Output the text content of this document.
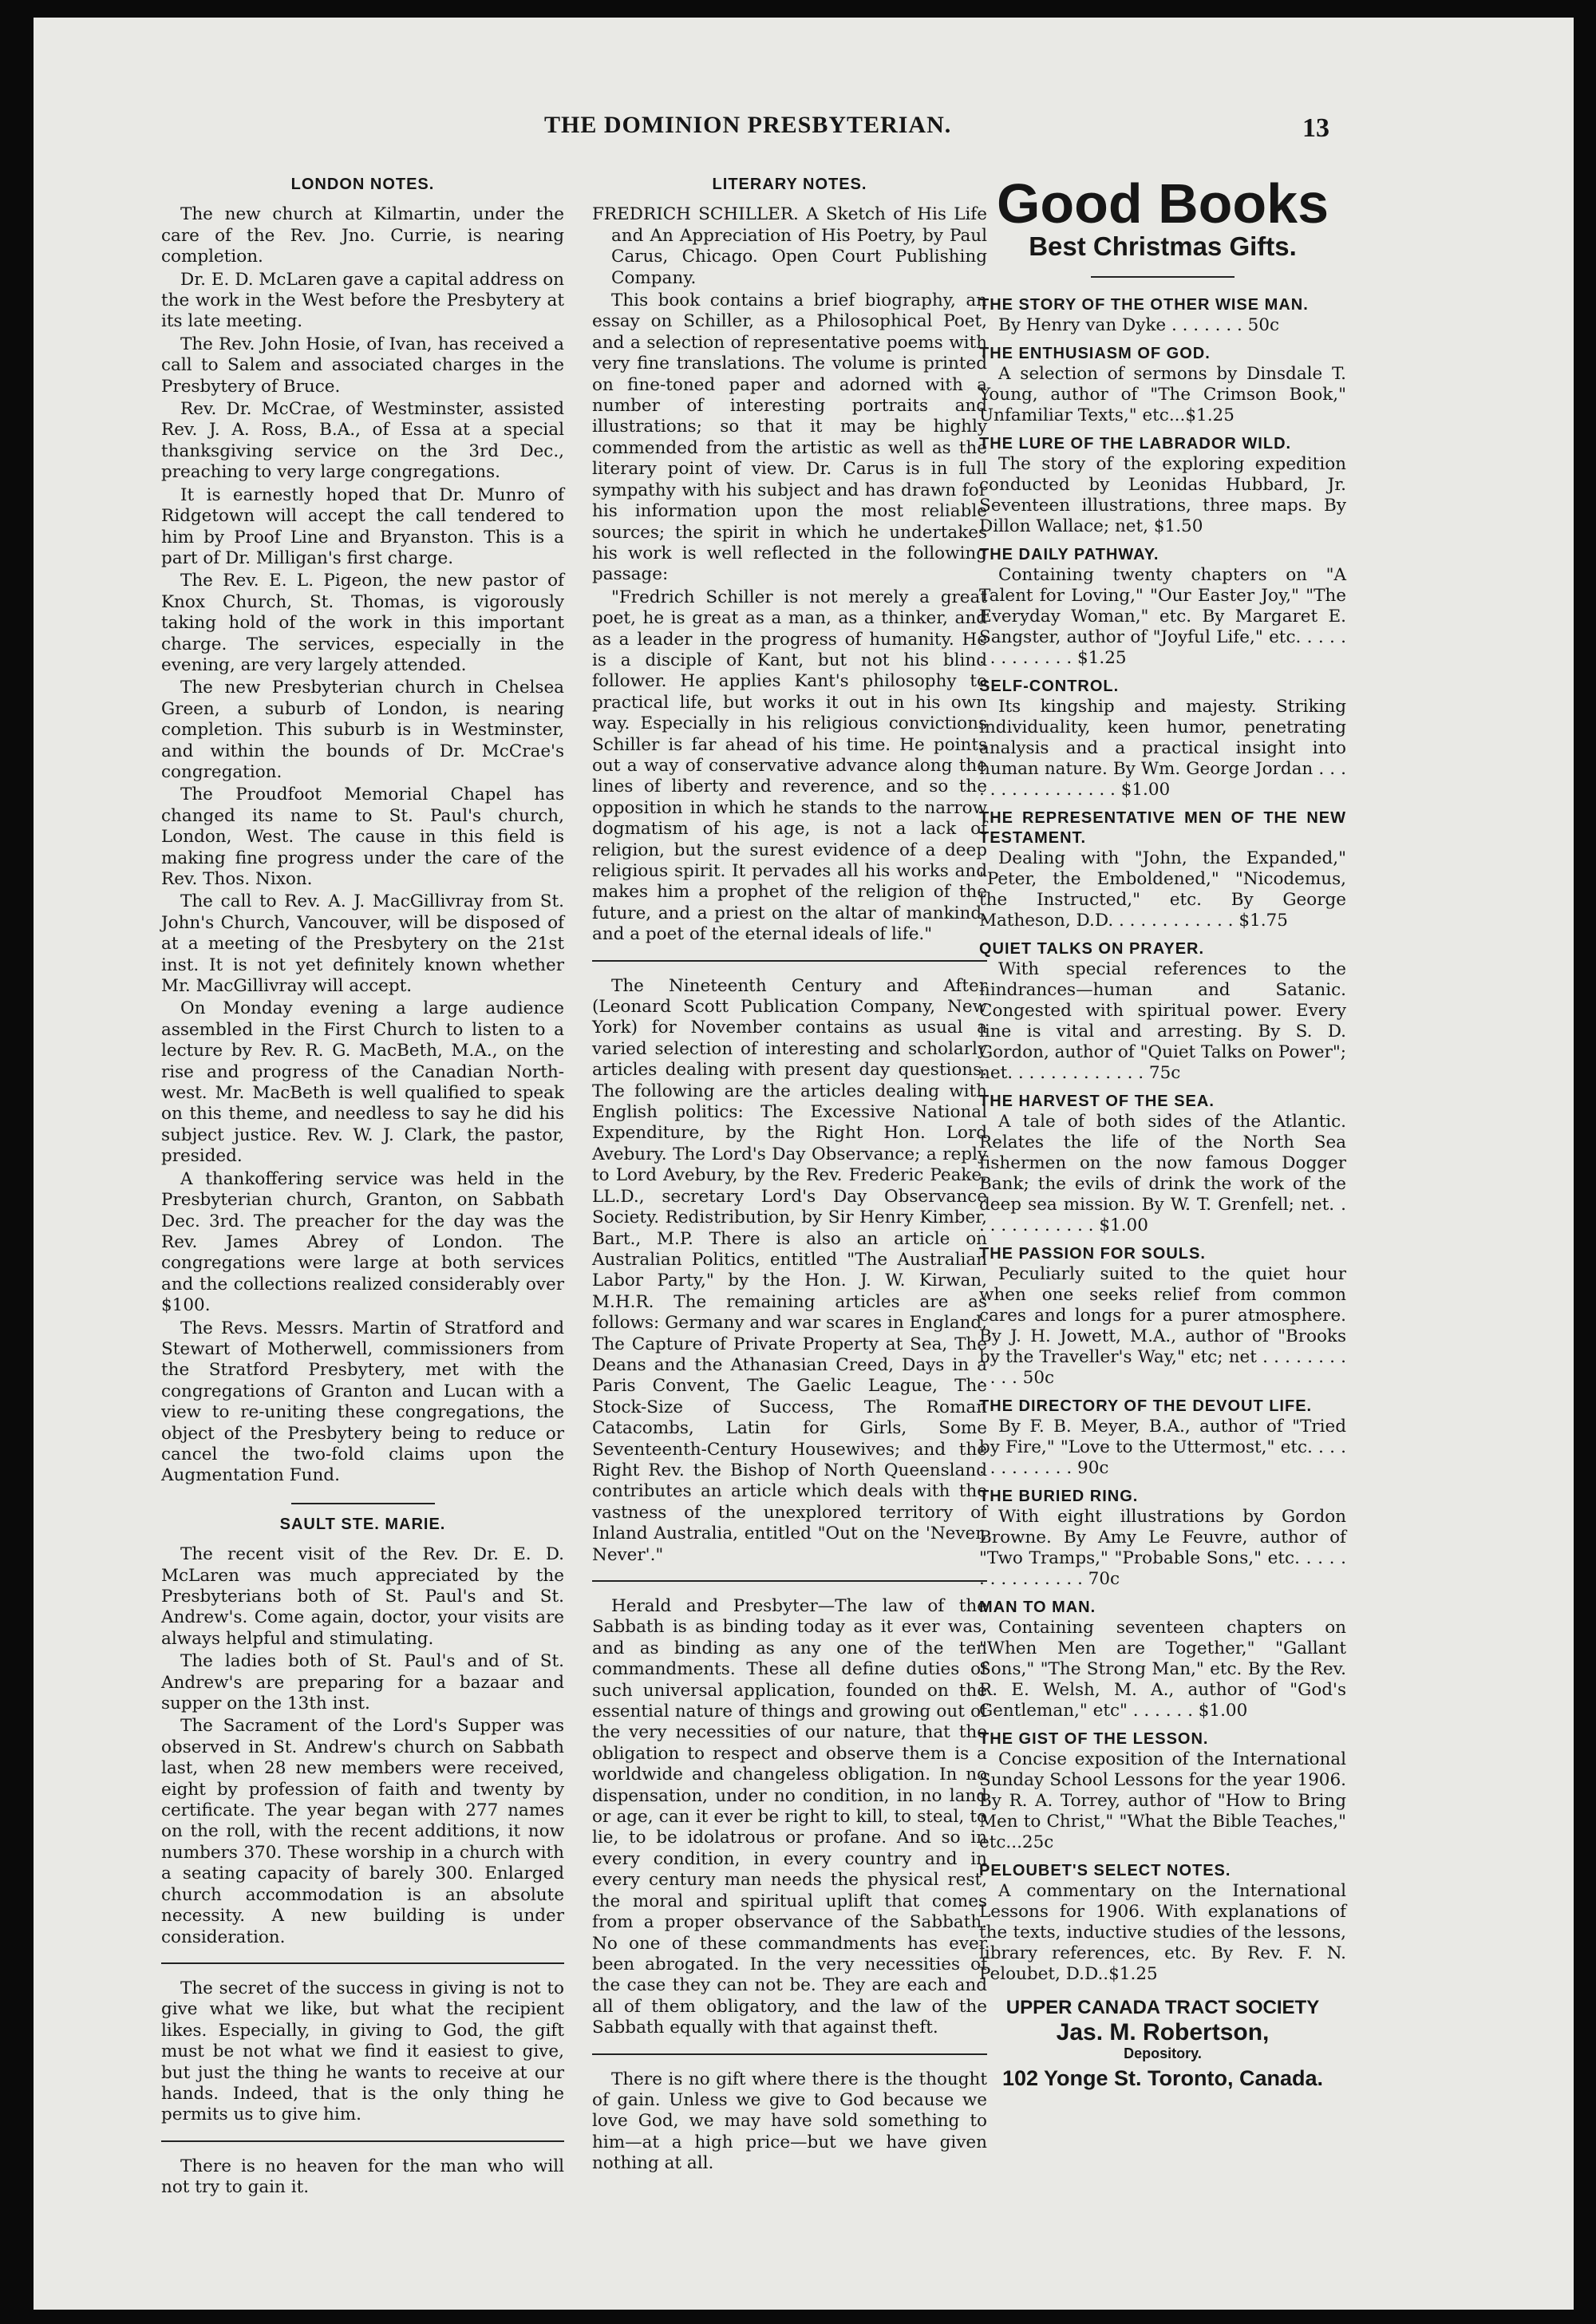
THE DOMINION PRESBYTERIAN.	13
LONDON NOTES.

The new church at Kilmartin, under the care of the Rev. Jno. Currie, is nearing completion.

Dr. E. D. McLaren gave a capital address on the work in the West before the Presbytery at its late meeting.

The Rev. John Hosie, of Ivan, has received a call to Salem and associated charges in the Presbytery of Bruce.

Rev. Dr. McCrae, of Westminster, assisted Rev. J. A. Ross, B.A., of Essa at a special thanksgiving service on the 3rd Dec., preaching to very large congregations.

It is earnestly hoped that Dr. Munro of Ridgetown will accept the call tendered to him by Proof Line and Bryanston. This is a part of Dr. Milligan's first charge.

The Rev. E. L. Pigeon, the new pastor of Knox Church, St. Thomas, is vigorously taking hold of the work in this important charge. The services, especially in the evening, are very largely attended.

The new Presbyterian church in Chelsea Green, a suburb of London, is nearing completion. This suburb is in Westminster, and within the bounds of Dr. McCrae's congregation.

The Proudfoot Memorial Chapel has changed its name to St. Paul's church, London, West. The cause in this field is making fine progress under the care of the Rev. Thos. Nixon.

The call to Rev. A. J. MacGillivray from St. John's Church, Vancouver, will be disposed of at a meeting of the Presbytery on the 21st inst. It is not yet definitely known whether Mr. MacGillivray will accept.

On Monday evening a large audience assembled in the First Church to listen to a lecture by Rev. R. G. MacBeth, M.A., on the rise and progress of the Canadian North-west. Mr. MacBeth is well qualified to speak on this theme, and needless to say he did his subject justice. Rev. W. J. Clark, the pastor, presided.

A thankoffering service was held in the Presbyterian church, Granton, on Sabbath Dec. 3rd. The preacher for the day was the Rev. James Abrey of London. The congregations were large at both services and the collections realized considerably over $100.

The Revs. Messrs. Martin of Stratford and Stewart of Motherwell, commissioners from the Stratford Presbytery, met with the congregations of Granton and Lucan with a view to re-uniting these congregations, the object of the Presbytery being to reduce or cancel the two-fold claims upon the Augmentation Fund.

SAULT STE. MARIE.

The recent visit of the Rev. Dr. E. D. McLaren was much appreciated by the Presbyterians both of St. Paul's and St. Andrew's. Come again, doctor, your visits are always helpful and stimulating.

The ladies both of St. Paul's and of St. Andrew's are preparing for a bazaar and supper on the 13th inst.

The Sacrament of the Lord's Supper was observed in St. Andrew's church on Sabbath last, when 28 new members were received, eight by profession of faith and twenty by certificate. The year began with 277 names on the roll, with the recent additions, it now numbers 370. These worship in a church with a seating capacity of barely 300. Enlarged church accommodation is an absolute necessity. A new building is under consideration.

The secret of the success in giving is not to give what we like, but what the recipient likes. Especially, in giving to God, the gift must be not what we find it easiest to give, but just the thing he wants to receive at our hands. Indeed, that is the only thing he permits us to give him.

There is no heaven for the man who will not try to gain it.

LITERARY NOTES.

FREDRICH SCHILLER. A Sketch of His Life and An Appreciation of His Poetry, by Paul Carus, Chicago. Open Court Publishing Company.

This book contains a brief biography, an essay on Schiller, as a Philosophical Poet, and a selection of representative poems with very fine translations. The volume is printed on fine-toned paper and adorned with a number of interesting portraits and illustrations; so that it may be highly commended from the artistic as well as the literary point of view. Dr. Carus is in full sympathy with his subject and has drawn for his information upon the most reliable sources; the spirit in which he undertakes his work is well reflected in the following passage:

"Fredrich Schiller is not merely a great poet, he is great as a man, as a thinker, and as a leader in the progress of humanity. He is a disciple of Kant, but not his blind follower. He applies Kant's philosophy to practical life, but works it out in his own way. Especially in his religious convictions Schiller is far ahead of his time. He points out a way of conservative advance along the lines of liberty and reverence, and so the opposition in which he stands to the narrow dogmatism of his age, is not a lack of religion, but the surest evidence of a deep religious spirit. It pervades all his works and makes him a prophet of the religion of the future, and a priest on the altar of mankind, and a poet of the eternal ideals of life."

The Nineteenth Century and After (Leonard Scott Publication Company, New York) for November contains as usual a varied selection of interesting and scholarly articles dealing with present day questions. The following are the articles dealing with English politics: The Excessive National Expenditure, by the Right Hon. Lord Avebury. The Lord's Day Observance; a reply to Lord Avebury, by the Rev. Frederic Peake, LL.D., secretary Lord's Day Observance Society. Redistribution, by Sir Henry Kimber, Bart., M.P. There is also an article on Australian Politics, entitled "The Australian Labor Party," by the Hon. J. W. Kirwan, M.H.R. The remaining articles are as follows: Germany and war scares in England, The Capture of Private Property at Sea, The Deans and the Athanasian Creed, Days in a Paris Convent, The Gaelic League, The Stock-Size of Success, The Roman Catacombs, Latin for Girls, Some Seventeenth-Century Housewives; and the Right Rev. the Bishop of North Queensland contributes an article which deals with the vastness of the unexplored territory of Inland Australia, entitled "Out on the 'Never, Never'."

Herald and Presbyter—The law of the Sabbath is as binding today as it ever was, and as binding as any one of the ten commandments. These all define duties of such universal application, founded on the essential nature of things and growing out of the very necessities of our nature, that the obligation to respect and observe them is a worldwide and changeless obligation. In no dispensation, under no condition, in no land or age, can it ever be right to kill, to steal, to lie, to be idolatrous or profane. And so in every condition, in every country and in every century man needs the physical rest, the moral and spiritual uplift that comes from a proper observance of the Sabbath. No one of these commandments has ever been abrogated. In the very necessities of the case they can not be. They are each and all of them obligatory, and the law of the Sabbath equally with that against theft.

There is no gift where there is the thought of gain. Unless we give to God because we love God, we may have sold something to him—at a high price—but we have given nothing at all.

Good Books
Best Christmas Gifts.
THE STORY OF THE OTHER WISE MAN.
By Henry van Dyke . . . . . . . 50c
THE ENTHUSIASM OF GOD.
A selection of sermons by Dinsdale T. Young, author of "The Crimson Book," Unfamiliar Texts," etc...$1.25
THE LURE OF THE LABRADOR WILD.
The story of the exploring expedition conducted by Leonidas Hubbard, Jr. Seventeen illustrations, three maps. By Dillon Wallace; net, $1.50
THE DAILY PATHWAY.
Containing twenty chapters on "A Talent for Loving," "Our Easter Joy," "The Everyday Woman," etc. By Margaret E. Sangster, author of "Joyful Life," etc. . . . . . . . . . . . . . $1.25
SELF-CONTROL.
Its kingship and majesty. Striking individuality, keen humor, penetrating analysis and a practical insight into human nature. By Wm. George Jordan . . . . . . . . . . . . . . . . $1.00
THE REPRESENTATIVE MEN OF THE NEW TESTAMENT.
Dealing with "John, the Expanded," "Peter, the Emboldened," "Nicodemus, the Instructed," etc. By George Matheson, D.D. . . . . . . . . . . . $1.75
QUIET TALKS ON PRAYER.
With special references to the hindrances—human and Satanic. Congested with spiritual power. Every line is vital and arresting. By S. D. Gordon, author of "Quiet Talks on Power"; net. . . . . . . . . . . . . 75c
THE HARVEST OF THE SEA.
A tale of both sides of the Atlantic. Relates the life of the North Sea fishermen on the now famous Dogger Bank; the evils of drink the work of the deep sea mission. By W. T. Grenfell; net. . . . . . . . . . . . . $1.00
THE PASSION FOR SOULS.
Peculiarly suited to the quiet hour when one seeks relief from common cares and longs for a purer atmosphere. By J. H. Jowett, M.A., author of "Brooks by the Traveller's Way," etc; net . . . . . . . . . . . . 50c
THE DIRECTORY OF THE DEVOUT LIFE.
By F. B. Meyer, B.A., author of "Tried by Fire," "Love to the Uttermost," etc. . . . . . . . . . . . . 90c
THE BURIED RING.
With eight illustrations by Gordon Browne. By Amy Le Feuvre, author of "Two Tramps," "Probable Sons," etc. . . . . . . . . . . . . . . 70c
MAN TO MAN.
Containing seventeen chapters on "When Men are Together," "Gallant Sons," "The Strong Man," etc. By the Rev. R. E. Welsh, M. A., author of "God's Gentleman," etc" . . . . . . $1.00
THE GIST OF THE LESSON.
Concise exposition of the International Sunday School Lessons for the year 1906. By R. A. Torrey, author of "How to Bring Men to Christ," "What the Bible Teaches," etc...25c
PELOUBET'S SELECT NOTES.
A commentary on the International Lessons for 1906. With explanations of the texts, inductive studies of the lessons, library references, etc. By Rev. F. N. Peloubet, D.D..$1.25
UPPER CANADA TRACT SOCIETY
Jas. M. Robertson,
Depository.
102 Yonge St. Toronto, Canada.
